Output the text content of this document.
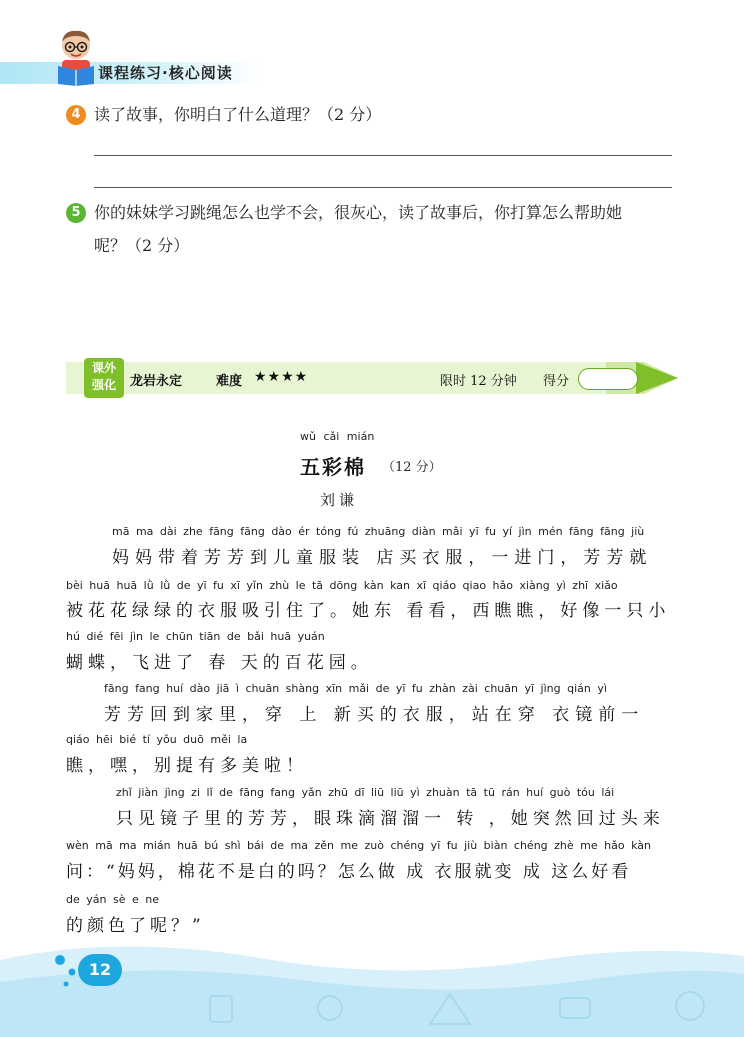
课程练习·核心阅读
4 读了故事，你明白了什么道理？（2 分）
5 你的妹妹学习跳绳怎么也学不会，很灰心，读了故事后，你打算怎么帮助她
呢？（2 分）
课外
强化	龙岩永定	难度 ★★★★	限时 12 分钟 得分
wǔ cǎi mián
五彩棉 （12 分）
刘谦
mā ma dài zhe fāng fāng dào ér tóng fú zhuāng diàn mǎi yī fu yí jìn mén fāng fāng jiù
妈妈带着芳芳到儿童服装 店买衣服，一进门，芳芳就
bèi huā huā lǜ lǜ de yī fu xī yǐn zhù le tā dōng kàn kan xī qiáo qiao hǎo xiàng yì zhī xiǎo
被花花绿绿的衣服吸引住了。她东 看看，西瞧瞧，好像一只小
hú dié fēi jìn le chūn tiān de bǎi huā yuán
蝴蝶，飞进了 春 天的百花园。
fāng fang huí dào jiā ì chuān shàng xīn mǎi de yī fu zhàn zài chuān yī jìng qián yì
芳芳回到家里，穿 上 新买的衣服，站在穿 衣镜前一
qiáo hēi bié tí yǒu duō měi la
瞧，嘿，别提有多美啦！
zhǐ jiàn jìng zi lǐ de fāng fang yǎn zhū dī liū liū yì zhuàn tā tū rán huí guò tóu lái
只见镜子里的芳芳，眼珠滴溜溜一 转 ，她突然回过头来
wèn mā ma mián huā bú shì bái de ma zěn me zuò chéng yī fu jiù biàn chéng zhè me hǎo kàn
问：“妈妈，棉花不是白的吗？怎么做 成 衣服就变 成 这么好看
de yán sè e ne
的颜色了呢？”
12
